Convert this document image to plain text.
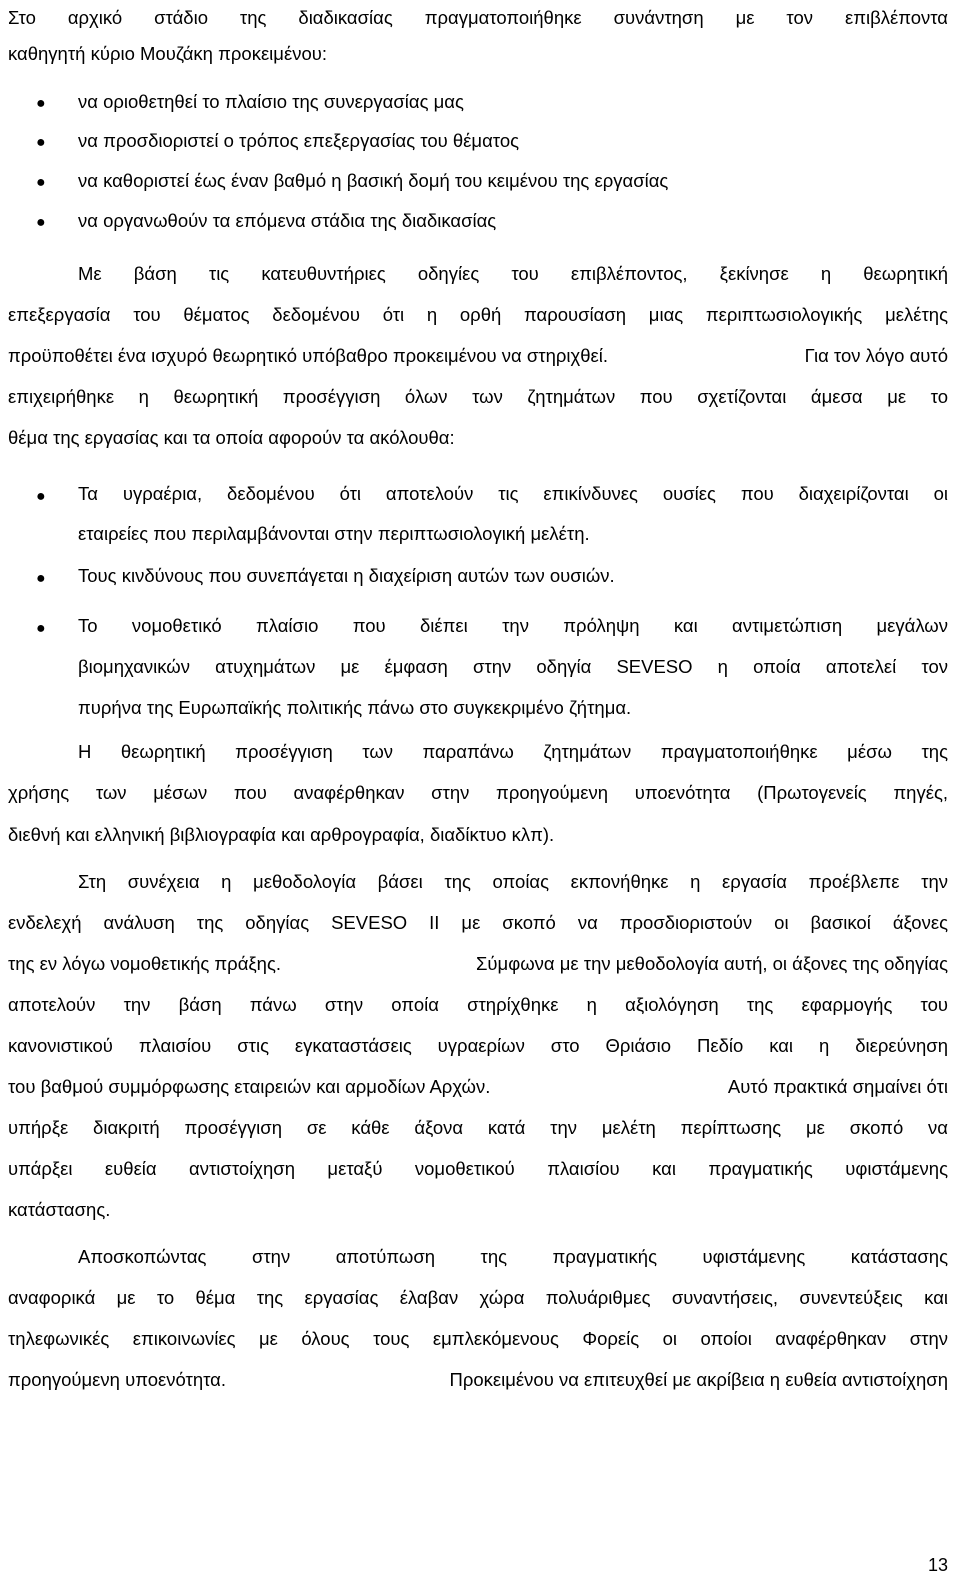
Στο αρχικό στάδιο της διαδικασίας πραγματοποιήθηκε συνάντηση με τον επιβλέποντα

καθηγητή κύριο Μουζάκη προκειμένου:

● να οριοθετηθεί το πλαίσιο της συνεργασίας μας

● να προσδιοριστεί ο τρόπος επεξεργασίας του θέματος

● να καθοριστεί έως έναν βαθμό η βασική δομή του κειμένου της εργασίας

● να οργανωθούν τα επόμενα στάδια της διαδικασίας

Με βάση τις κατευθυντήριες οδηγίες του επιβλέποντος, ξεκίνησε η θεωρητική

επεξεργασία του θέματος δεδομένου ότι η ορθή παρουσίαση μιας περιπτωσιολογικής μελέτης

προϋποθέτει ένα ισχυρό θεωρητικό υπόβαθρο προκειμένου να στηριχθεί.	Για τον λόγο αυτό

επιχειρήθηκε η θεωρητική προσέγγιση όλων των ζητημάτων που σχετίζονται άμεσα με το

θέμα της εργασίας και τα οποία αφορούν τα ακόλουθα:

● Τα υγραέρια, δεδομένου ότι αποτελούν τις επικίνδυνες ουσίες που διαχειρίζονται οι

εταιρείες που περιλαμβάνονται στην περιπτωσιολογική μελέτη.

● Τους κινδύνους που συνεπάγεται η διαχείριση αυτών των ουσιών.

● Το νομοθετικό πλαίσιο που διέπει την πρόληψη και αντιμετώπιση μεγάλων

βιομηχανικών ατυχημάτων με έμφαση στην οδηγία SEVESO η οποία αποτελεί τον

πυρήνα της Ευρωπαϊκής πολιτικής πάνω στο συγκεκριμένο ζήτημα.

Η θεωρητική προσέγγιση των παραπάνω ζητημάτων πραγματοποιήθηκε μέσω της

χρήσης των μέσων που αναφέρθηκαν στην προηγούμενη υποενότητα (Πρωτογενείς πηγές,

διεθνή και ελληνική βιβλιογραφία και αρθρογραφία, διαδίκτυο κλπ).

Στη συνέχεια η μεθοδολογία βάσει της οποίας εκπονήθηκε η εργασία προέβλεπε την

ενδελεχή ανάλυση της οδηγίας SEVESO II με σκοπό να προσδιοριστούν οι βασικοί άξονες

της εν λόγω νομοθετικής πράξης.	Σύμφωνα με την μεθοδολογία αυτή, οι άξονες της οδηγίας

αποτελούν την βάση πάνω στην οποία στηρίχθηκε η αξιολόγηση της εφαρμογής του

κανονιστικού πλαισίου στις εγκαταστάσεις υγραερίων στο Θριάσιο Πεδίο και η διερεύνηση

του βαθμού συμμόρφωσης εταιρειών και αρμοδίων Αρχών.	Αυτό πρακτικά σημαίνει ότι

υπήρξε διακριτή προσέγγιση σε κάθε άξονα κατά την μελέτη περίπτωσης με σκοπό να

υπάρξει ευθεία αντιστοίχηση μεταξύ νομοθετικού πλαισίου και πραγματικής υφιστάμενης

κατάστασης.

Αποσκοπώντας στην αποτύπωση της πραγματικής υφιστάμενης κατάστασης

αναφορικά με το θέμα της εργασίας έλαβαν χώρα πολυάριθμες συναντήσεις, συνεντεύξεις και

τηλεφωνικές επικοινωνίες με όλους τους εμπλεκόμενους Φορείς οι οποίοι αναφέρθηκαν στην

προηγούμενη υποενότητα.	Προκειμένου να επιτευχθεί με ακρίβεια η ευθεία αντιστοίχηση
13
